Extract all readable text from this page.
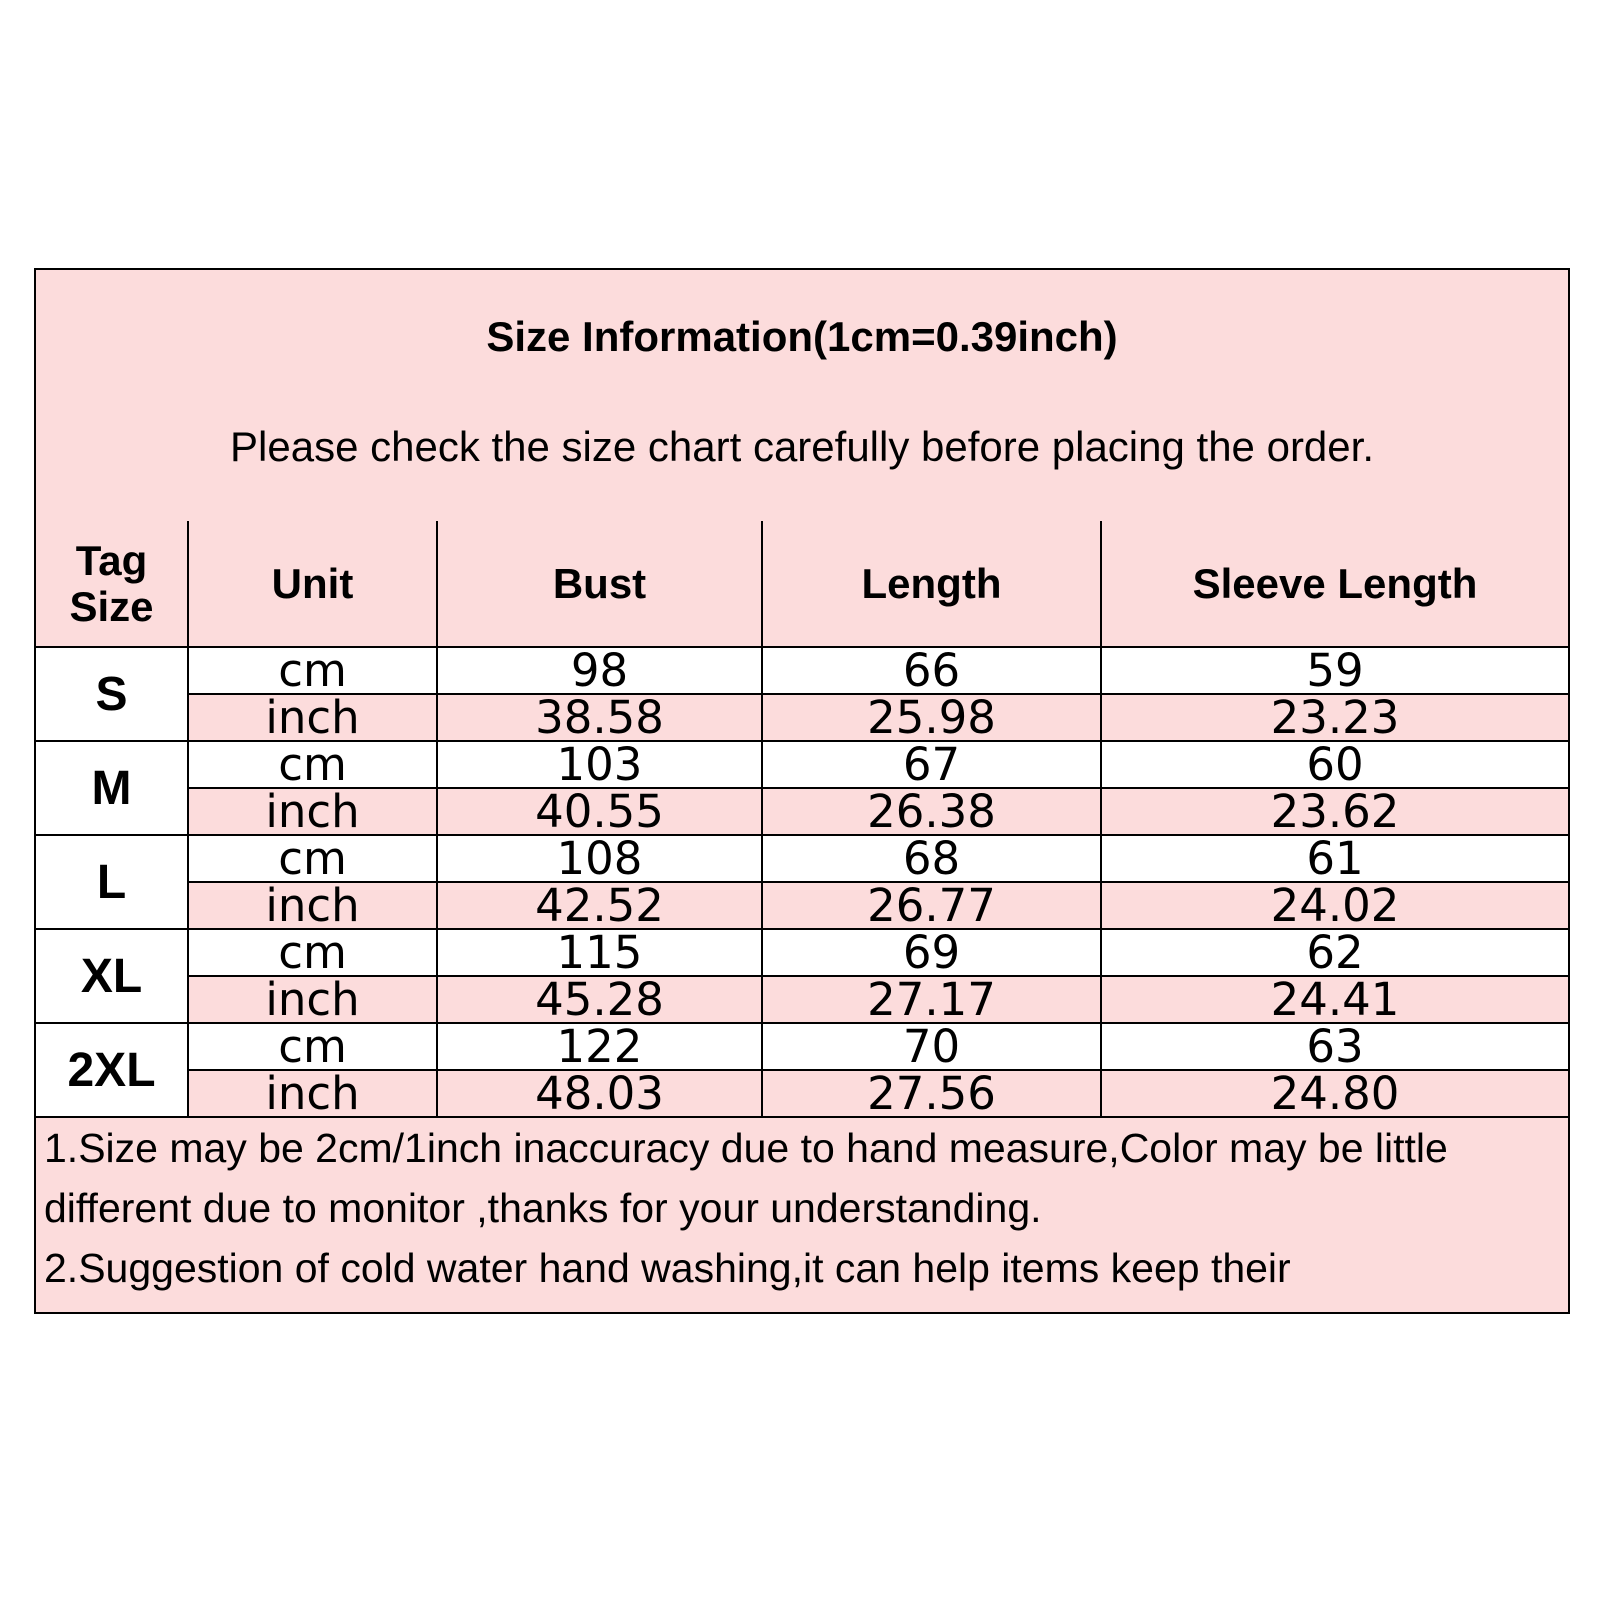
Size Information(1cm=0.39inch)
Please check the size chart carefully before placing the order.
Tag Size	Unit	Bust	Length	Sleeve Length
S	cm	98	66	59
	inch	38.58	25.98	23.23
M	cm	103	67	60
	inch	40.55	26.38	23.62
L	cm	108	68	61
	inch	42.52	26.77	24.02
XL	cm	115	69	62
	inch	45.28	27.17	24.41
2XL	cm	122	70	63
	inch	48.03	27.56	24.80

1.Size may be 2cm/1inch inaccuracy due to hand measure,Color may be little different due to monitor ,thanks for your understanding.

2.Suggestion of cold water hand washing,it can help items keep their
